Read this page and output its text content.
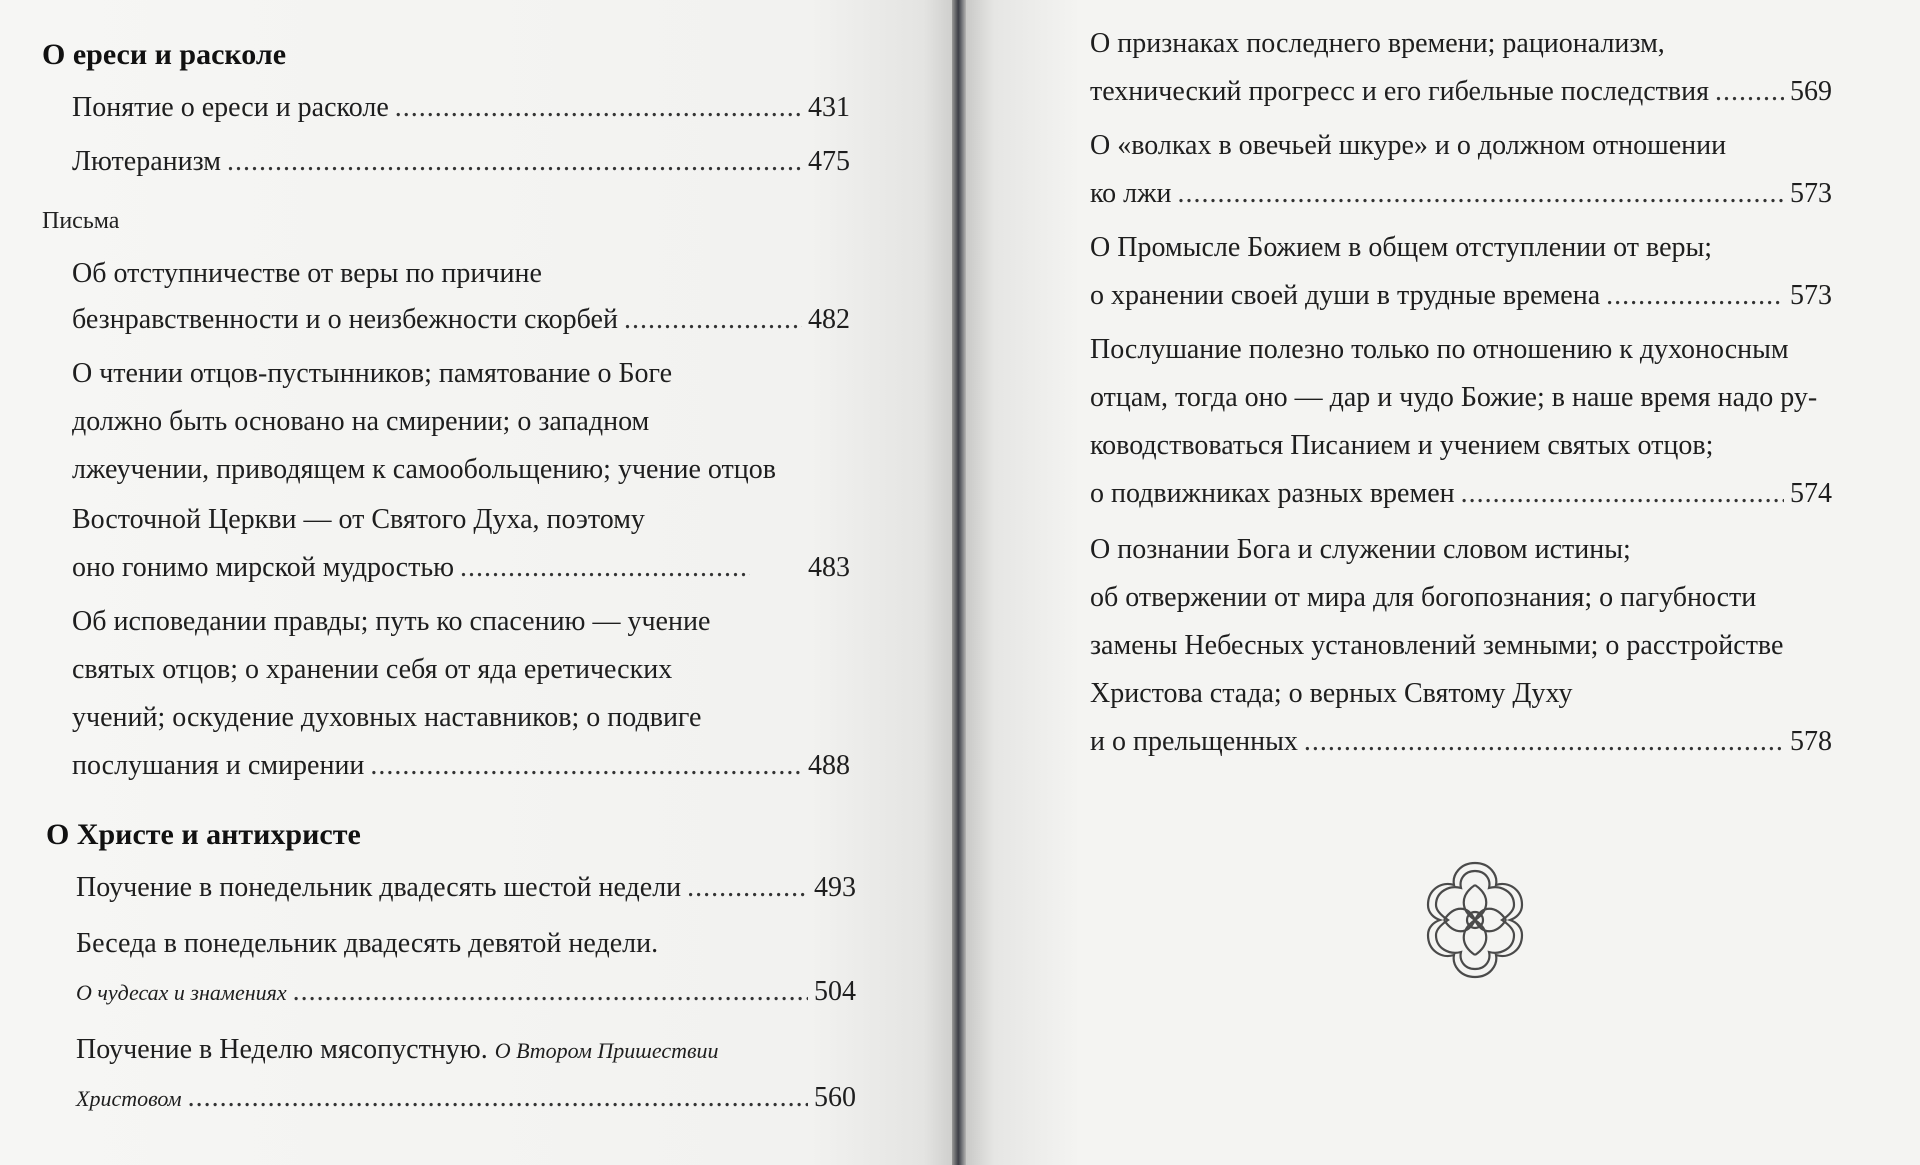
О ереси и расколе
Понятие о ереси и расколе .....	431
Лютеранизм .....	475
Письма
Об отступничестве от веры по причине
безнравственности и о неизбежности скорбей .....	482
О чтении отцов-пустынников; памятование о Боге
должно быть основано на смирении; о западном
лжеучении, приводящем к самообольщению; учение отцов
Восточной Церкви — от Святого Духа, поэтому
оно гонимо мирской мудростью .....	483
Об исповедании правды; путь ко спасению — учение
святых отцов; о хранении себя от яда еретических
учений; оскудение духовных наставников; о подвиге
послушания и смирении .....	488
О Христе и антихристе
Поучение в понедельник двадесять шестой недели .....	493
Беседа в понедельник двадесять девятой недели.
О чудесах и знамениях .....	504
Поучение в Неделю мясопустную. О Втором Пришествии
Христовом .....	560
О признаках последнего времени; рационализм,
технический прогресс и его гибельные последствия .....	569
О «волках в овечьей шкуре» и о должном отношении
ко лжи .....	573
О Промысле Божием в общем отступлении от веры;
о хранении своей души в трудные времена .....	573
Послушание полезно только по отношению к духоносным
отцам, тогда оно — дар и чудо Божие; в наше время надо ру-
ководствоваться Писанием и учением святых отцов;
о подвижниках разных времен .....	574
О познании Бога и служении словом истины;
об отвержении от мира для богопознания; о пагубности
замены Небесных установлений земными; о расстройстве
Христова стада; о верных Святому Духу
и о прельщенных .....	578
